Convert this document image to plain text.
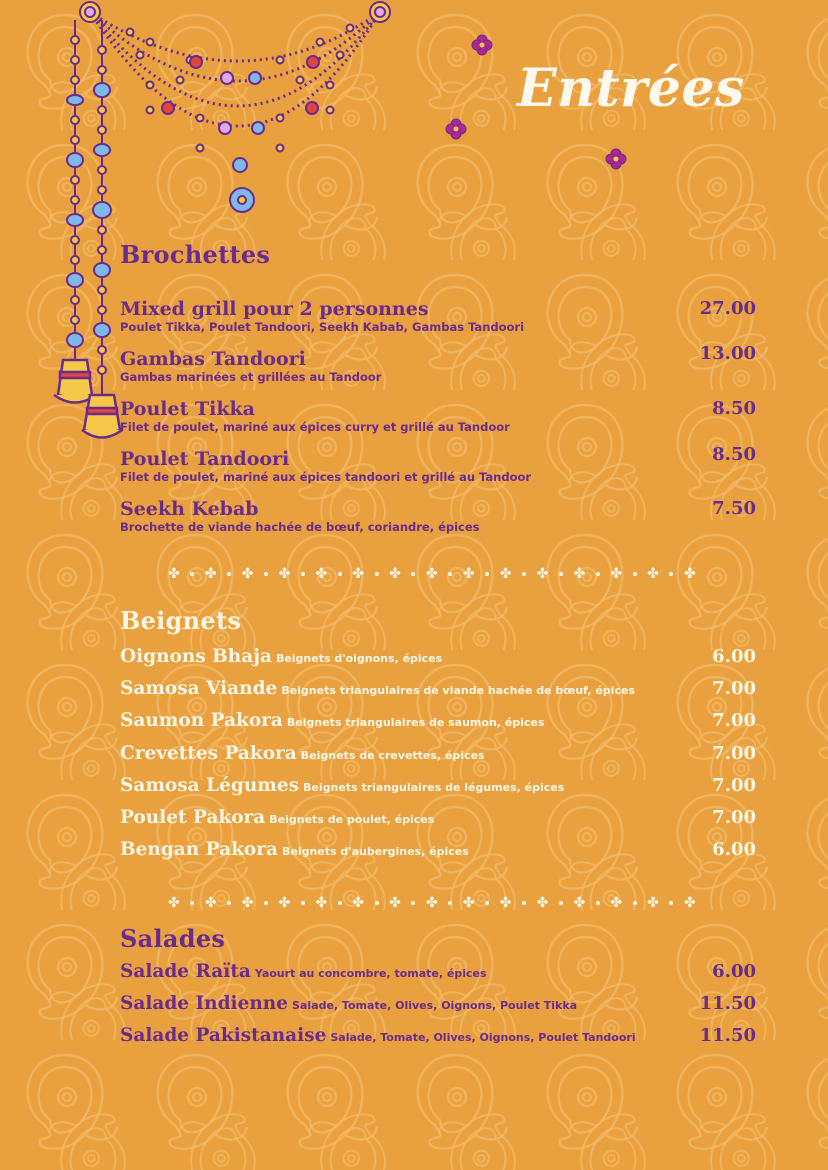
Entrées
Brochettes
Mixed grill pour 2 personnes
Poulet Tikka, Poulet Tandoori, Seekh Kabab, Gambas Tandoori
27.00
Gambas Tandoori
Gambas marinées et grillées au Tandoor
13.00
Poulet Tikka
Filet de poulet, mariné aux épices curry et grillé au Tandoor
8.50
Poulet Tandoori
Filet de poulet, mariné aux épices tandoori et grillé au Tandoor
8.50
Seekh Kebab
Brochette de viande hachée de bœuf, coriandre, épices
7.50
✤ ✤ ✤ ✤ ✤ ✤ ✤ ✤ ✤ ✤ ✤ ✤ ✤ ✤ ✤
Beignets
Oignons Bhaja Beignets d'oignons, épices	6.00
Samosa Viande Beignets triangulaires de viande hachée de bœuf, épices	7.00
Saumon Pakora Beignets triangulaires de saumon, épices	7.00
Crevettes Pakora Beignets de crevettes, épices	7.00
Samosa Légumes Beignets triangulaires de légumes, épices	7.00
Poulet Pakora Beignets de poulet, épices	7.00
Bengan Pakora Beignets d'aubergines, épices	6.00
✤ ✤ ✤ ✤ ✤ ✤ ✤ ✤ ✤ ✤ ✤ ✤ ✤ ✤ ✤
Salades
Salade Raïta Yaourt au concombre, tomate, épices	6.00
Salade Indienne Salade, Tomate, Olives, Oignons, Poulet Tikka	11.50
Salade Pakistanaise Salade, Tomate, Olives, Oignons, Poulet Tandoori	11.50
